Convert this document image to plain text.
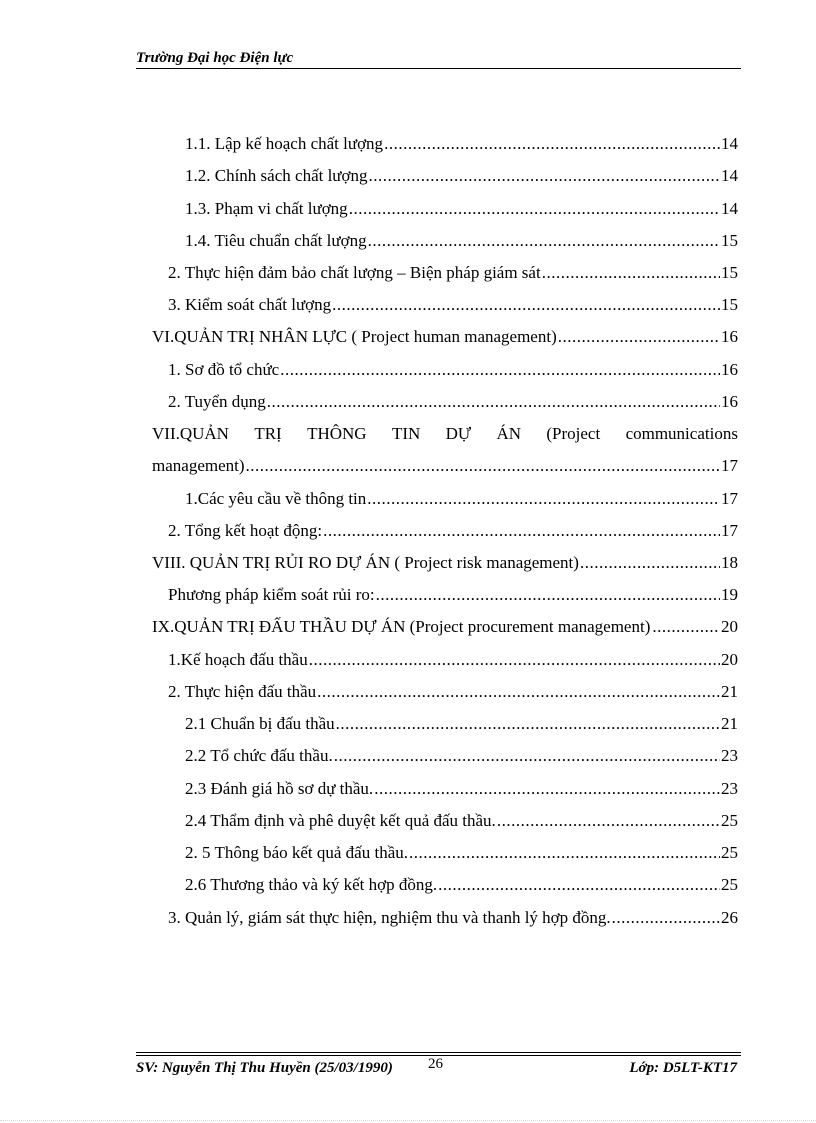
Trường Đại học Điện lực
1.1. Lập kế hoạch chất lượng .....	14
1.2. Chính sách chất lượng .....	14
1.3. Phạm vi chất lượng .....	14
1.4. Tiêu chuẩn chất lượng .....	15
2. Thực hiện đảm bảo chất lượng – Biện pháp giám sát .....	15
3. Kiểm soát chất lượng .....	15
VI.QUẢN TRỊ NHÂN LỰC ( Project human management) .....	16
1. Sơ đồ tổ chức .....	16
2. Tuyển dụng .....	16
VII.QUẢN TRỊ THÔNG TIN DỰ ÁN (Project communications
management) .....	17
1.Các yêu cầu về thông tin .....	17
2. Tổng kết hoạt động: .....	17
VIII. QUẢN TRỊ RỦI RO DỰ ÁN ( Project risk management) .....	18
Phương pháp kiểm soát rủi ro: .....	19
IX.QUẢN TRỊ ĐẤU THẦU DỰ ÁN (Project procurement management) .....	20
1.Kế hoạch đấu thầu .....	20
2. Thực hiện đấu thầu .....	21
2.1 Chuẩn bị đấu thầu .....	21
2.2 Tổ chức đấu thầu. .....	23
2.3 Đánh giá hồ sơ dự thầu. .....	23
2.4 Thẩm định và phê duyệt kết quả đấu thầu. .....	25
2. 5 Thông báo kết quả đấu thầu. .....	25
2.6 Thương thảo và ký kết hợp đồng. .....	25
3. Quản lý, giám sát thực hiện, nghiệm thu và thanh lý hợp đồng. .....	26
SV: Nguyễn Thị Thu Huyền (25/03/1990) 26	Lớp: D5LT-KT17
